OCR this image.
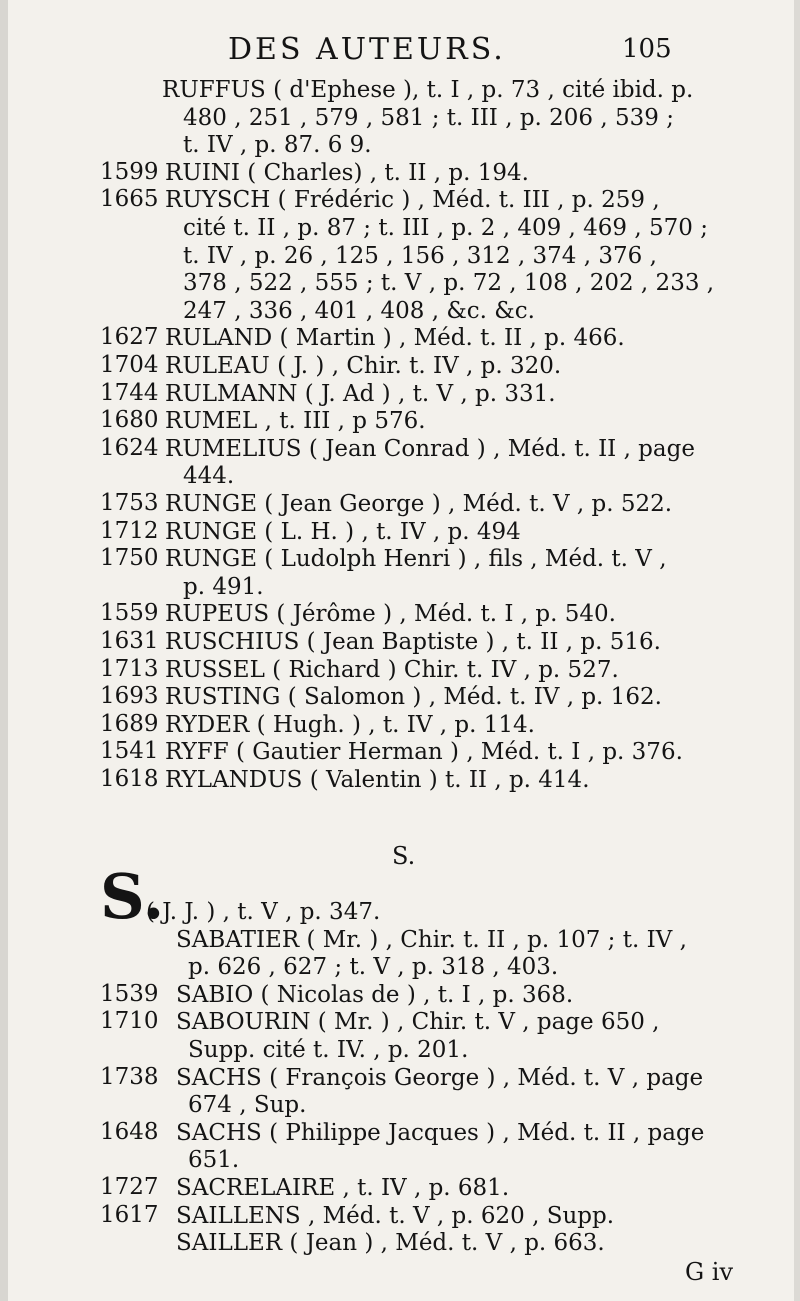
DES AUTEURS.	105
RUFFUS ( d'Ephese ), t. I , p. 73 , cité ibid. p.
480 , 251 , 579 , 581 ; t. III , p. 206 , 539 ;
t. IV , p. 87. 6 9.
1599 RUINI ( Charles) , t. II , p. 194.
1665 RUYSCH ( Frédéric ) , Méd. t. III , p. 259 ,
cité t. II , p. 87 ; t. III , p. 2 , 409 , 469 , 570 ;
t. IV , p. 26 , 125 , 156 , 312 , 374 , 376 ,
378 , 522 , 555 ; t. V , p. 72 , 108 , 202 , 233 ,
247 , 336 , 401 , 408 , &c. &c.
1627 RULAND ( Martin ) , Méd. t. II , p. 466.
1704 RULEAU ( J. ) , Chir. t. IV , p. 320.
1744 RULMANN ( J. Ad ) , t. V , p. 331.
1680 RUMEL , t. III , p 576.
1624 RUMELIUS ( Jean Conrad ) , Méd. t. II , page
444.
1753 RUNGE ( Jean George ) , Méd. t. V , p. 522.
1712 RUNGE ( L. H. ) , t. IV , p. 494
1750 RUNGE ( Ludolph Henri ) , fils , Méd. t. V ,
p. 491.
1559 RUPEUS ( Jérôme ) , Méd. t. I , p. 540.
1631 RUSCHIUS ( Jean Baptiste ) , t. II , p. 516.
1713 RUSSEL ( Richard ) Chir. t. IV , p. 527.
1693 RUSTING ( Salomon ) , Méd. t. IV , p. 162.
1689 RYDER ( Hugh. ) , t. IV , p. 114.
1541 RYFF ( Gautier Herman ) , Méd. t. I , p. 376.
1618 RYLANDUS ( Valentin ) t. II , p. 414.
( J. J. ) , t. V , p. 347.
SABATIER ( Mr. ) , Chir. t. II , p. 107 ; t. IV ,
p. 626 , 627 ; t. V , p. 318 , 403.
1539 SABIO ( Nicolas de ) , t. I , p. 368.
1710 SABOURIN ( Mr. ) , Chir. t. V , page 650 ,
Supp. cité t. IV. , p. 201.
1738 SACHS ( François George ) , Méd. t. V , page
674 , Sup.
1648 SACHS ( Philippe Jacques ) , Méd. t. II , page
651.
1727 SACRELAIRE , t. IV , p. 681.
1617 SAILLENS , Méd. t. V , p. 620 , Supp.
SAILLER ( Jean ) , Méd. t. V , p. 663.
S.
S.
G iv
